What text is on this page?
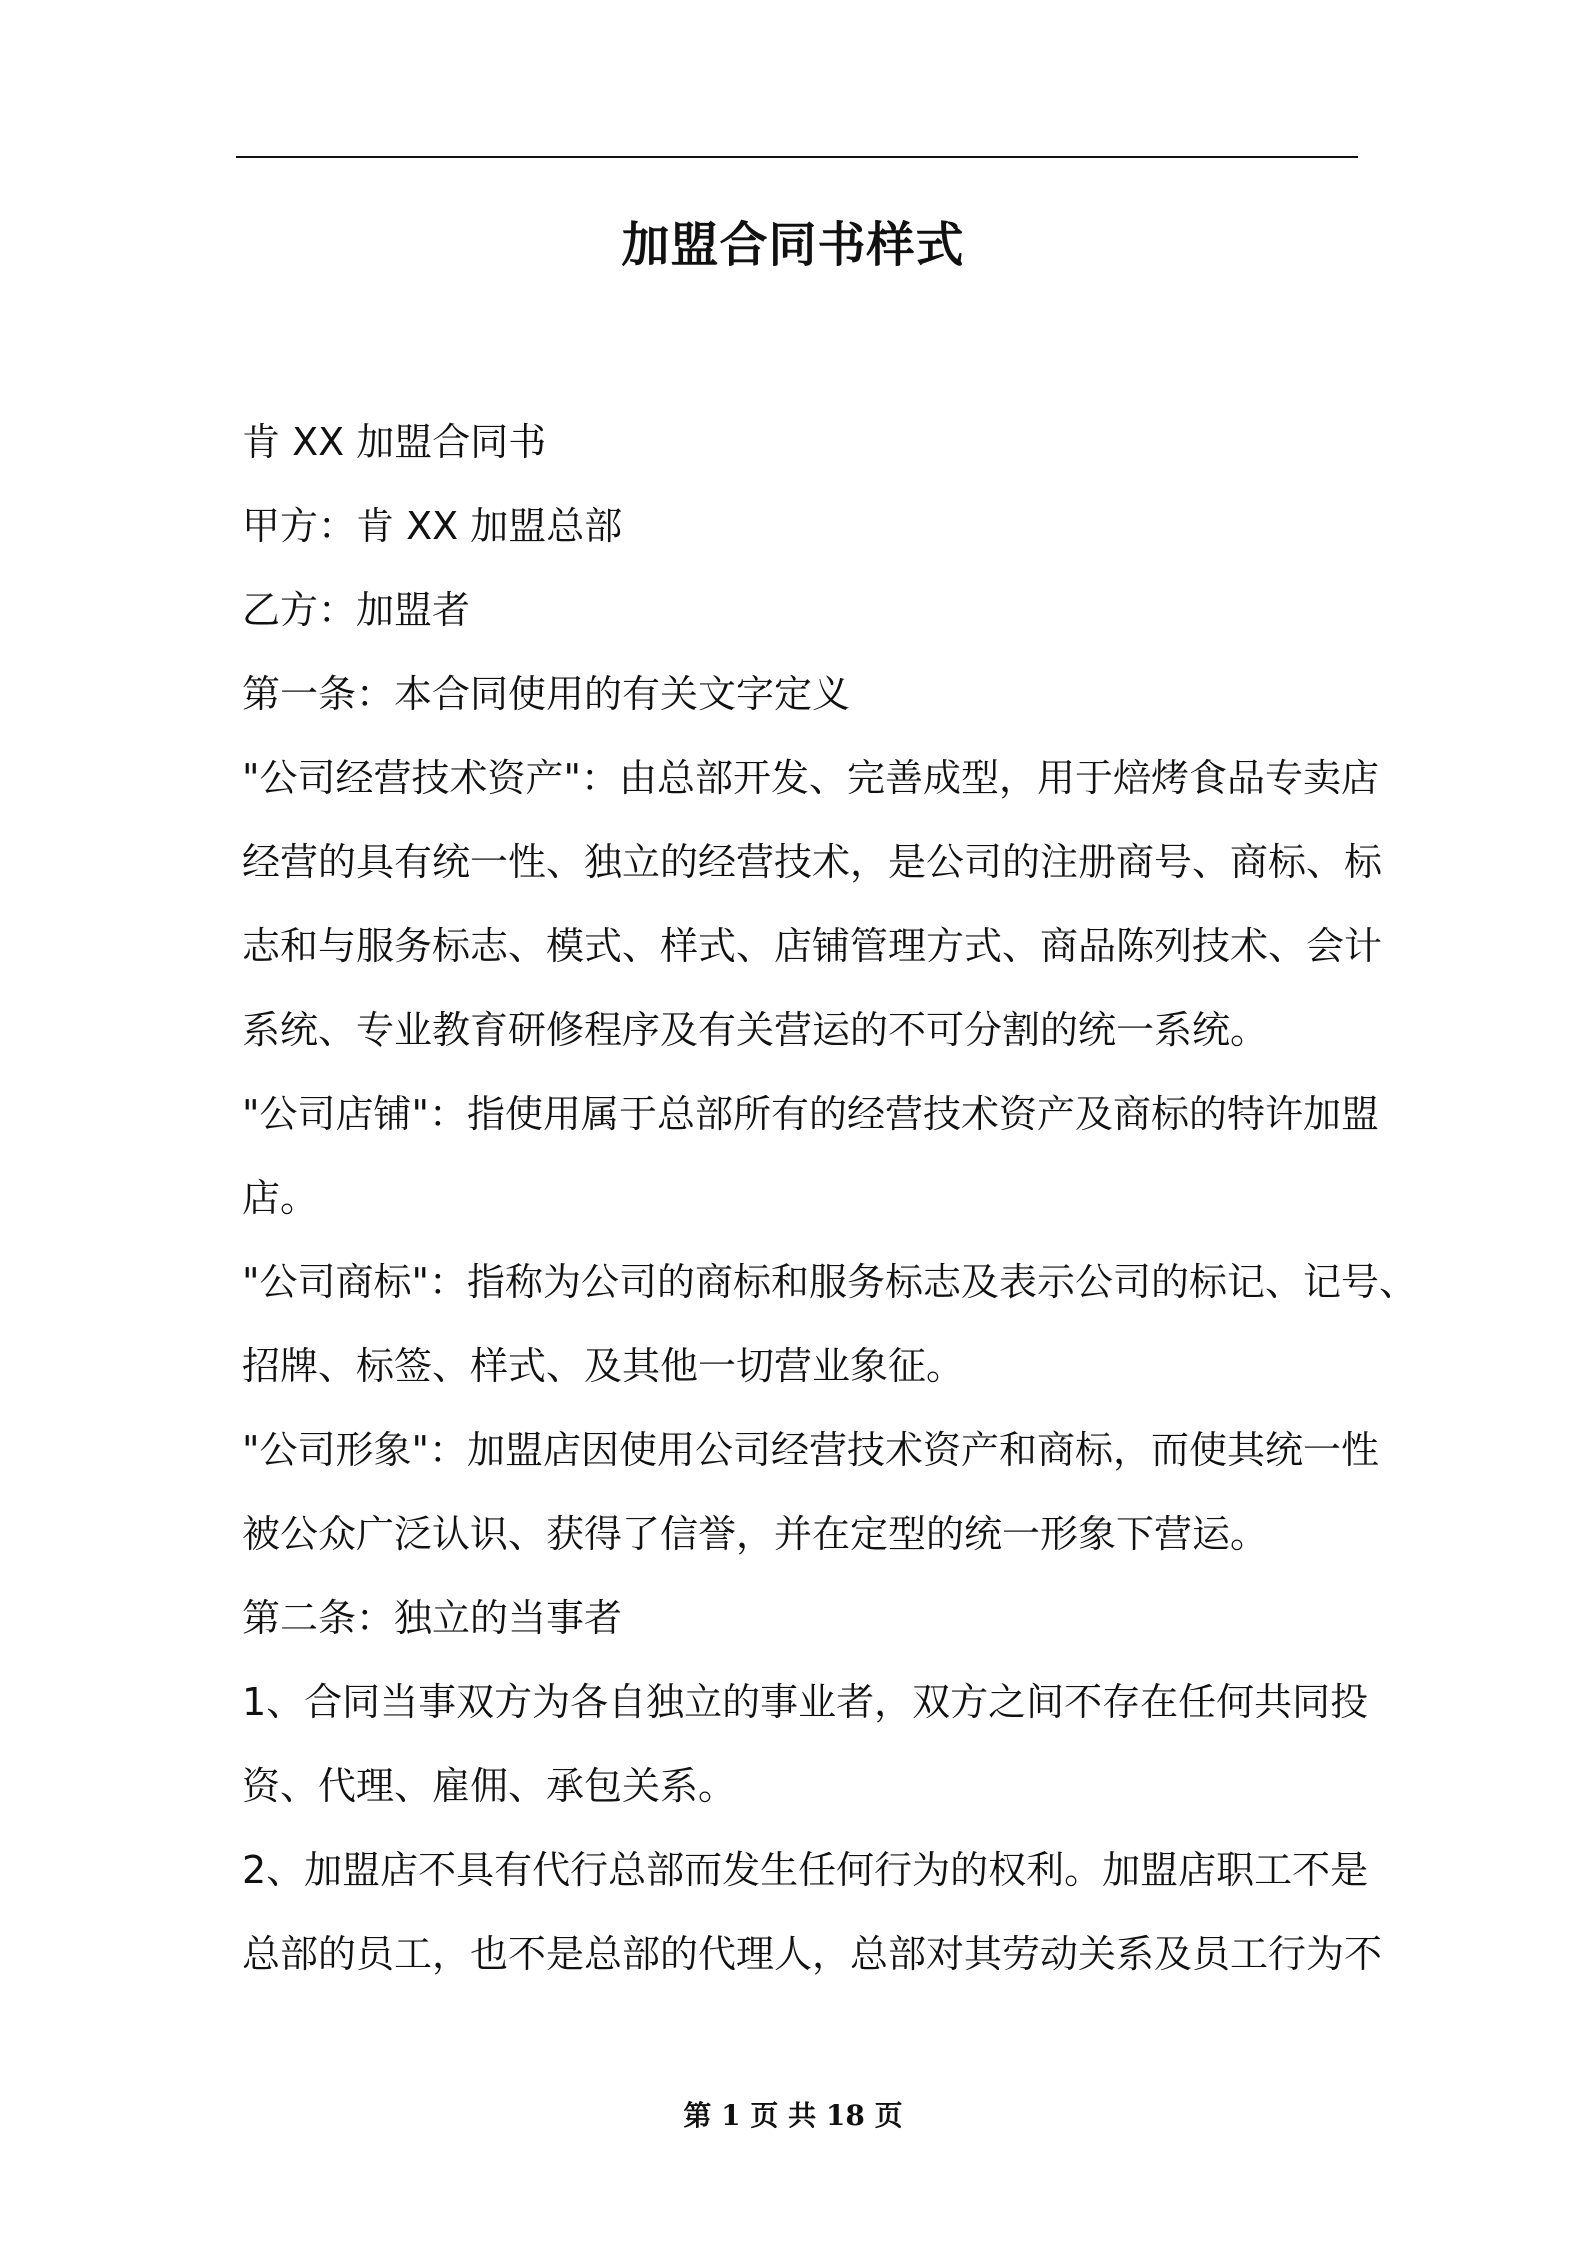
加盟合同书样式

肯 XX 加盟合同书

甲方：肯 XX 加盟总部

乙方：加盟者

第一条：本合同使用的有关文字定义

"公司经营技术资产"：由总部开发、完善成型，用于焙烤食品专卖店

经营的具有统一性、独立的经营技术，是公司的注册商号、商标、标

志和与服务标志、模式、样式、店铺管理方式、商品陈列技术、会计

系统、专业教育研修程序及有关营运的不可分割的统一系统。

"公司店铺"：指使用属于总部所有的经营技术资产及商标的特许加盟

店。

"公司商标"：指称为公司的商标和服务标志及表示公司的标记、记号、

招牌、标签、样式、及其他一切营业象征。

"公司形象"：加盟店因使用公司经营技术资产和商标，而使其统一性

被公众广泛认识、获得了信誉，并在定型的统一形象下营运。

第二条：独立的当事者

1、合同当事双方为各自独立的事业者，双方之间不存在任何共同投

资、代理、雇佣、承包关系。

2、加盟店不具有代行总部而发生任何行为的权利。加盟店职工不是

总部的员工，也不是总部的代理人，总部对其劳动关系及员工行为不

第 1 页 共 18 页
